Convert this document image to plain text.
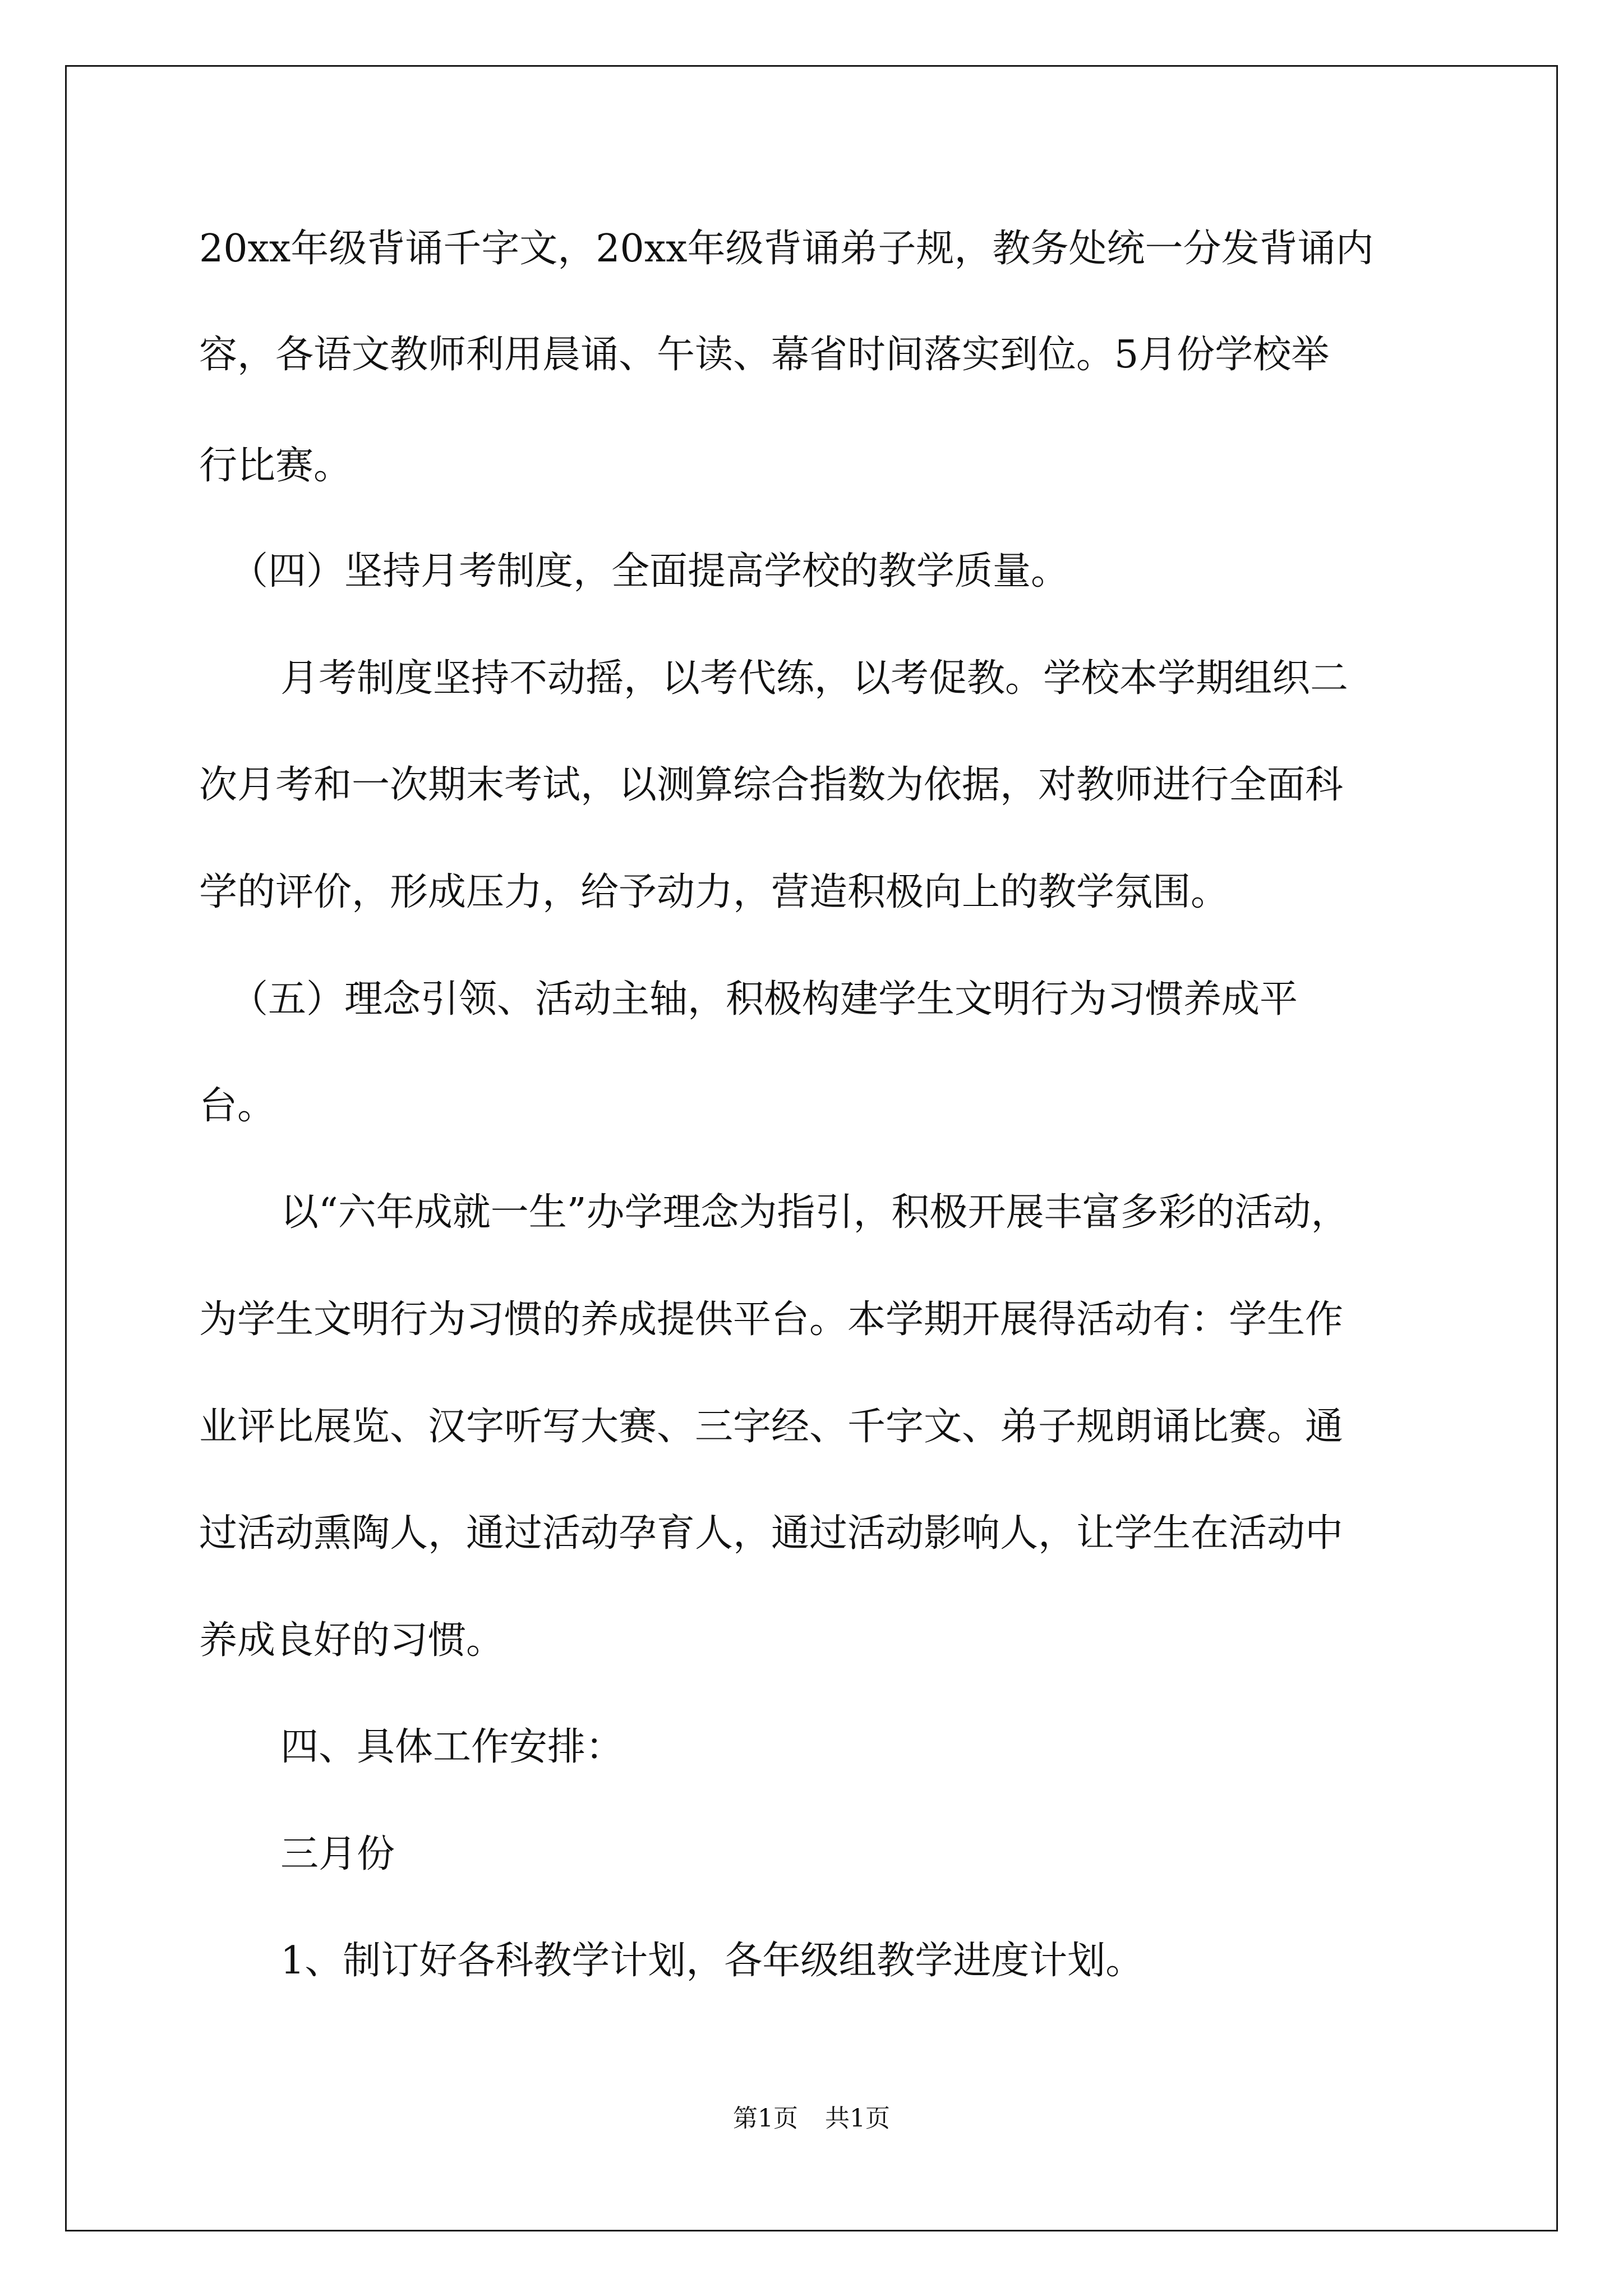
20xx年级背诵千字文，20xx年级背诵弟子规，教务处统一分发背诵内

容，各语文教师利用晨诵、午读、幕省时间落实到位。5月份学校举

行比赛。

（四）坚持月考制度，全面提高学校的教学质量。

月考制度坚持不动摇，以考代练，以考促教。学校本学期组织二

次月考和一次期末考试，以测算综合指数为依据，对教师进行全面科

学的评价，形成压力，给予动力，营造积极向上的教学氛围。

（五）理念引领、活动主轴，积极构建学生文明行为习惯养成平

台。

以“六年成就一生”办学理念为指引，积极开展丰富多彩的活动，

为学生文明行为习惯的养成提供平台。本学期开展得活动有：学生作

业评比展览、汉字听写大赛、三字经、千字文、弟子规朗诵比赛。通

过活动熏陶人，通过活动孕育人，通过活动影响人，让学生在活动中

养成良好的习惯。

四、具体工作安排：

三月份

1、制订好各科教学计划，各年级组教学进度计划。

第1页 共1页
